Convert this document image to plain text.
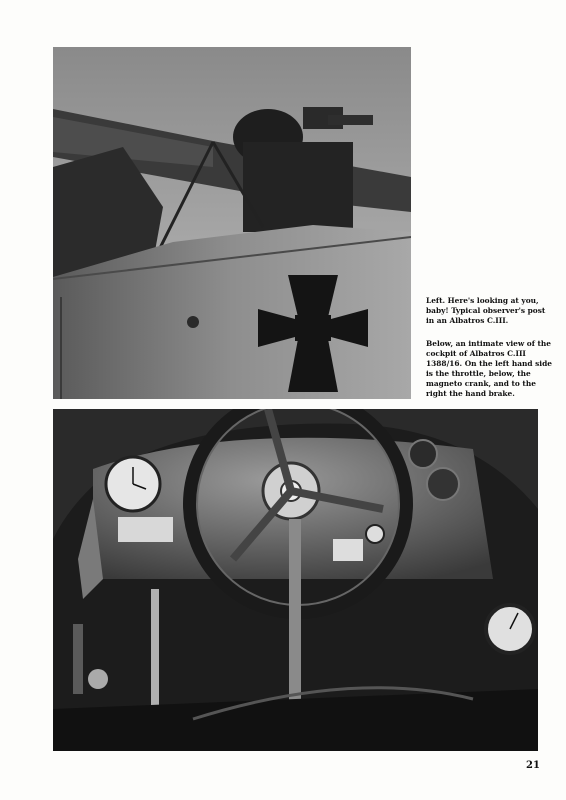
Left. Here's looking at you, baby! Typical observer's post in an Albatros C.III.
Below, an intimate view of the cockpit of Albatros C.III 1388/16. On the left hand side is the throttle, below, the magneto crank, and to the right the hand brake.
21
